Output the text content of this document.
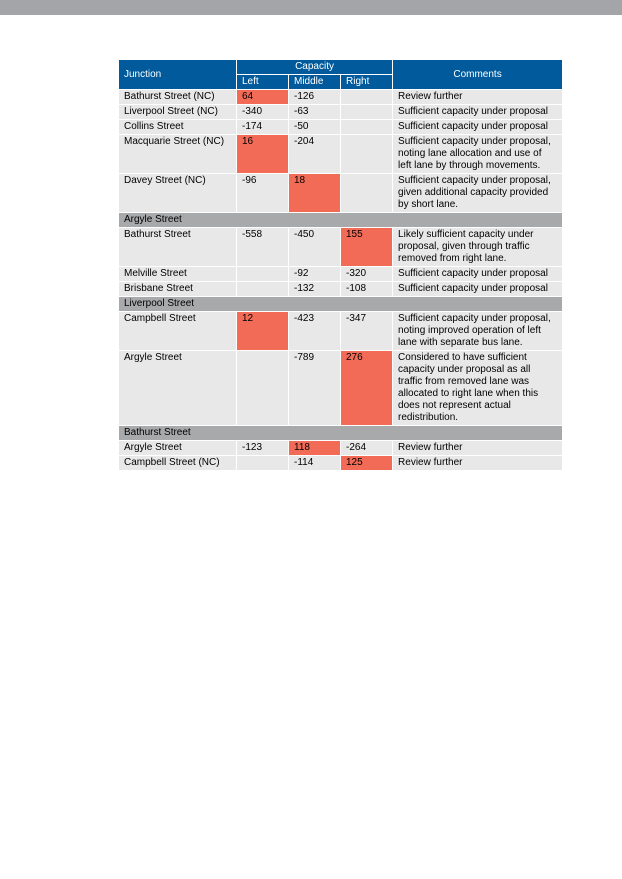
Junction	Capacity			Comments
	Left	Middle	Right	
Bathurst Street (NC)	64	-126		Review further
Liverpool Street (NC)	-340	-63		Sufficient capacity under proposal
Collins Street	-174	-50		Sufficient capacity under proposal
Macquarie Street (NC)	16	-204		Sufficient capacity under proposal, noting lane allocation and use of left lane by through movements.
Davey Street (NC)	-96	18		Sufficient capacity under proposal, given additional capacity provided by short lane.
Argyle Street				
Bathurst Street	-558	-450	155	Likely sufficient capacity under proposal, given through traffic removed from right lane.
Melville Street		-92	-320	Sufficient capacity under proposal
Brisbane Street		-132	-108	Sufficient capacity under proposal
Liverpool Street				
Campbell Street	12	-423	-347	Sufficient capacity under proposal, noting improved operation of left lane with separate bus lane.
Argyle Street		-789	276	Considered to have sufficient capacity under proposal as all traffic from removed lane was allocated to right lane when this does not represent actual redistribution.
Bathurst Street				
Argyle Street	-123	118	-264	Review further
Campbell Street (NC)		-114	125	Review further
